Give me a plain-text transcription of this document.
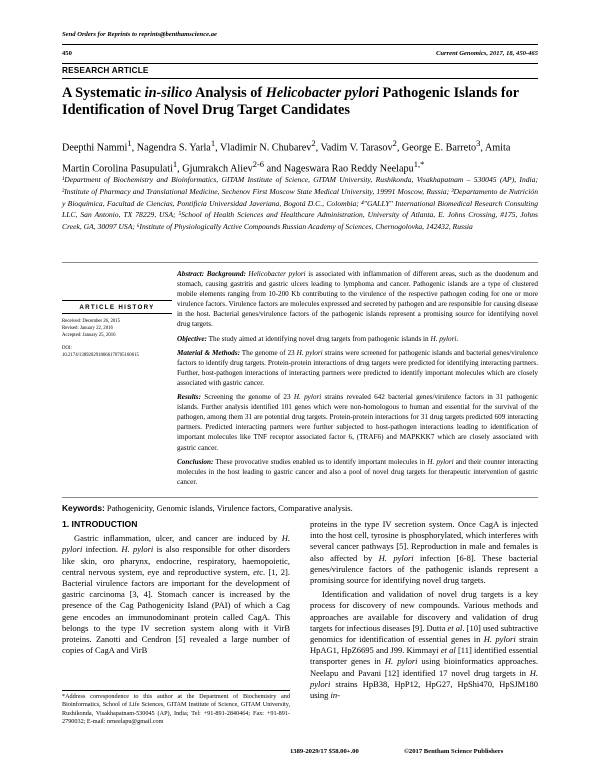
Send Orders for Reprints to reprints@benthamscience.ae
450	Current Genomics, 2017, 18, 450-465
RESEARCH ARTICLE
A Systematic in-silico Analysis of Helicobacter pylori Pathogenic Islands for Identification of Novel Drug Target Candidates
Deepthi Nammi$^1$, Nagendra S. Yarla$^1$, Vladimir N. Chubarev$^2$, Vadim V. Tarasov$^2$, George E. Barreto$^3$, Amita Martin Corolina Pasupulati$^1$, Gjumrakch Aliev$^{2-6}$ and Nageswara Rao Reddy Neelapu$^{1,*}$
¹Department of Biochemistry and Bioinformatics, GITAM Institute of Science, GITAM University, Rushikonda, Visakhapatnam – 530045 (AP), India; ²Institute of Pharmacy and Translational Medicine, Sechenov First Moscow State Medical University, 19991 Moscow, Russia; ³Departamento de Nutrición y Bioquímica, Facultad de Ciencias, Pontificia Universidad Javeriana, Bogotá D.C., Colombia; ⁴"GALLY" International Biomedical Research Consulting LLC, San Antonio, TX 78229, USA; ⁵School of Health Sciences and Healthcare Administration, University of Atlanta, E. Johns Crossing, #175, Johns Creek, GA, 30097 USA; ⁶Institute of Physiologically Active Compounds Russian Academy of Sciences, Chernogolovka, 142432, Russia
ARTICLE HISTORY
Received: December 26, 2015
Revised: January 22, 2016
Accepted: January 25, 2016
DOI:
10.2174/1389202918666170705160615

Abstract: Background: Helicobacter pylori is associated with inflammation of different areas, such as the duodenum and stomach, causing gastritis and gastric ulcers leading to lymphoma and cancer. Pathogenic islands are a type of clustered mobile elements ranging from 10-200 Kb contributing to the virulence of the respective pathogen coding for one or more virulence factors. Virulence factors are molecules expressed and secreted by pathogen and are responsible for causing disease in the host. Bacterial genes/virulence factors of the pathogenic islands represent a promising source for identifying novel drug targets.

Objective: The study aimed at identifying novel drug targets from pathogenic islands in H. pylori.

Material & Methods: The genome of 23 H. pylori strains were screened for pathogenic islands and bacterial genes/virulence factors to identify drug targets. Protein-protein interactions of drug targets were predicted for identifying interacting partners. Further, host-pathogen interactions of interacting partners were predicted to identify important molecules which are closely associated with gastric cancer.

Results: Screening the genome of 23 H. pylori strains revealed 642 bacterial genes/virulence factors in 31 pathogenic islands. Further analysis identified 101 genes which were non-homologous to human and essential for the survival of the pathogen, among them 31 are potential drug targets. Protein-protein interactions for 31 drug targets predicted 609 interacting partners. Predicted interacting partners were further subjected to host-pathogen interactions leading to identification of important molecules like TNF receptor associated factor 6, (TRAF6) and MAPKKK7 which are closely associated with gastric cancer.

Conclusion: These provocative studies enabled us to identify important molecules in H. pylori and their counter interacting molecules in the host leading to gastric cancer and also a pool of novel drug targets for therapeutic intervention of gastric cancer.

Keywords: Pathogenicity, Genomic islands, Virulence factors, Comparative analysis.
1. INTRODUCTION

Gastric inflammation, ulcer, and cancer are induced by H. pylori infection. H. pylori is also responsible for other disorders like skin, oro pharynx, endocrine, respiratory, haemopoietic, central nervous system, eye and reproductive system, etc. [1, 2]. Bacterial virulence factors are important for the development of gastric carcinoma [3, 4]. Stomach cancer is increased by the presence of the Cag Pathogenicity Island (PAI) of which a Cag gene encodes an immunodominant protein called CagA. This belongs to the type IV secretion system along with it VirB proteins. Zanotti and Cendron [5] revealed a large number of copies of CagA and VirB

proteins in the type IV secretion system. Once CagA is injected into the host cell, tyrosine is phosphorylated, which interferes with several cancer pathways [5]. Reproduction in male and females is also affected by H. pylori infection [6-8]. These bacterial genes/virulence factors of the pathogenic islands represent a promising source for identifying novel drug targets.

Identification and validation of novel drug targets is a key process for discovery of new compounds. Various methods and approaches are available for discovery and validation of drug targets for infectious diseases [9]. Dutta et al. [10] used subtractive genomics for identification of essential genes in H. pylori strain HpAG1, HpZ6695 and J99. Kimmayi et al [11] identified essential transporter genes in H. pylori using bioinformatics approaches. Neelapu and Pavani [12] identified 17 novel drug targets in H. pylori strains HpB38, HpP12, HpG27, HpShi470, HpSJM180 using in-

*Address correspondence to this author at the Department of Biochemistry and Bioinformatics, School of Life Sciences, GITAM Institute of Science, GITAM University, Rushikonda, Visakhapatnam-530045 (AP), India; Tel: +91-891-2840464; Fax: +91-891-2790032; E-mail: nrneelapu@gmail.com
1389-2029/17 $58.00+.00	©2017 Bentham Science Publishers
